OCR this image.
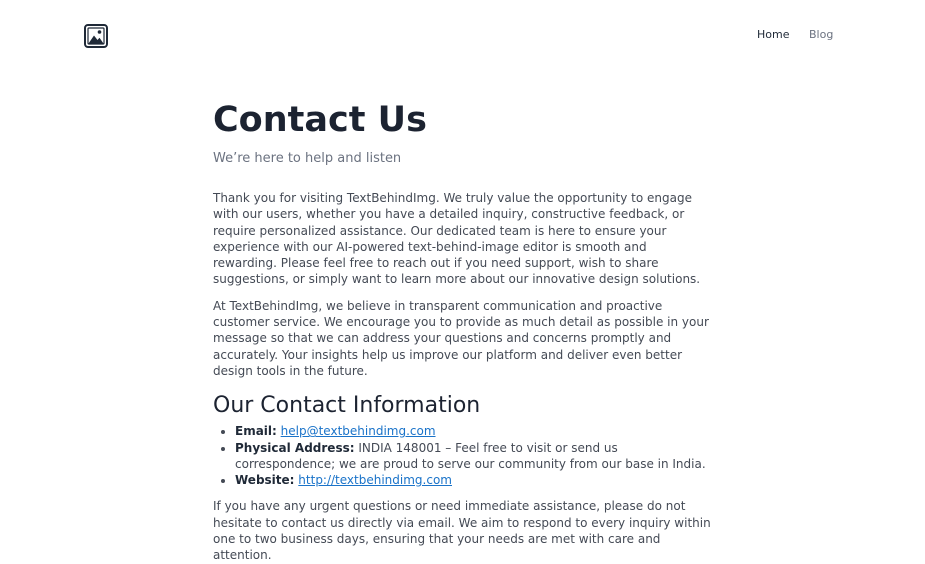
Home Blog
Contact Us

We’re here to help and listen

Thank you for visiting TextBehindImg. We truly value the opportunity to engage with our users, whether you have a detailed inquiry, constructive feedback, or require personalized assistance. Our dedicated team is here to ensure your experience with our AI-powered text-behind-image editor is smooth and rewarding. Please feel free to reach out if you need support, wish to share suggestions, or simply want to learn more about our innovative design solutions.

At TextBehindImg, we believe in transparent communication and proactive customer service. We encourage you to provide as much detail as possible in your message so that we can address your questions and concerns promptly and accurately. Your insights help us improve our platform and deliver even better design tools in the future.

Our Contact Information
• Email: help@textbehindimg.com
• Physical Address: INDIA 148001 – Feel free to visit or send us correspondence; we are proud to serve our community from our base in India.
• Website: http://textbehindimg.com

If you have any urgent questions or need immediate assistance, please do not hesitate to contact us directly via email. We aim to respond to every inquiry within one to two business days, ensuring that your needs are met with care and attention.
